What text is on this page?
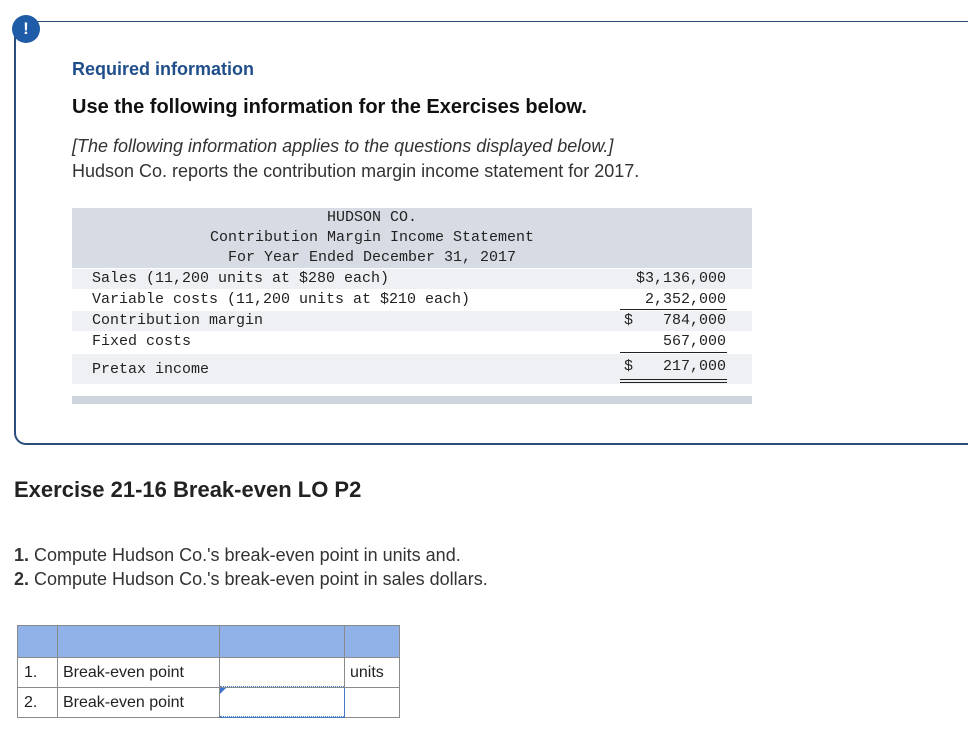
!
Required information
Use the following information for the Exercises below.
[The following information applies to the questions displayed below.]
Hudson Co. reports the contribution margin income statement for 2017.
HUDSON CO.
Contribution Margin Income Statement
For Year Ended December 31, 2017
Sales (11,200 units at $280 each)	$3,136,000
Variable costs (11,200 units at $210 each)	2,352,000
Contribution margin	$ 784,000
Fixed costs	567,000
Pretax income	$ 217,000
Exercise 21-16 Break-even LO P2
1. Compute Hudson Co.'s break-even point in units and.
2. Compute Hudson Co.'s break-even point in sales dollars.

1.	Break-even point		units
2.	Break-even point	
